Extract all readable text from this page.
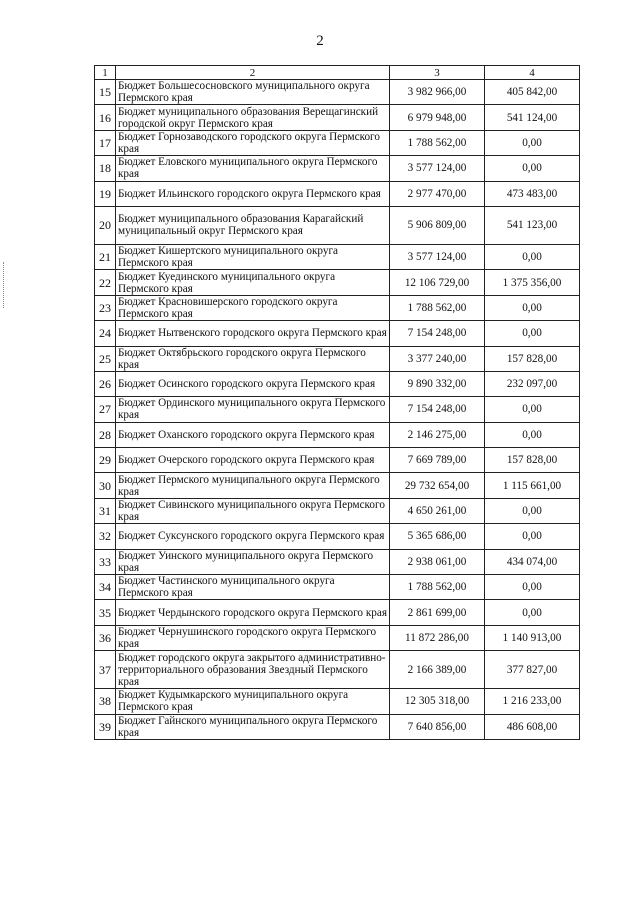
2
1	2	3	4
15	Бюджет Большесосновского муниципального округа Пермского края	3 982 966,00	405 842,00
16	Бюджет муниципального образования Верещагинский городской округ Пермского края	6 979 948,00	541 124,00
17	Бюджет Горнозаводского городского округа Пермского края	1 788 562,00	0,00
18	Бюджет Еловского муниципального округа Пермского края	3 577 124,00	0,00
19	Бюджет Ильинского городского округа Пермского края	2 977 470,00	473 483,00
20	Бюджет муниципального образования Карагайский муниципальный округ Пермского края	5 906 809,00	541 123,00
21	Бюджет Кишертского муниципального округа Пермского края	3 577 124,00	0,00
22	Бюджет Куединского муниципального округа Пермского края	12 106 729,00	1 375 356,00
23	Бюджет Красновишерского городского округа Пермского края	1 788 562,00	0,00
24	Бюджет Нытвенского городского округа Пермского края	7 154 248,00	0,00
25	Бюджет Октябрьского городского округа Пермского края	3 377 240,00	157 828,00
26	Бюджет Осинского городского округа Пермского края	9 890 332,00	232 097,00
27	Бюджет Ординского муниципального округа Пермского края	7 154 248,00	0,00
28	Бюджет Оханского городского округа Пермского края	2 146 275,00	0,00
29	Бюджет Очерского городского округа Пермского края	7 669 789,00	157 828,00
30	Бюджет Пермского муниципального округа Пермского края	29 732 654,00	1 115 661,00
31	Бюджет Сивинского муниципального округа Пермского края	4 650 261,00	0,00
32	Бюджет Суксунского городского округа Пермского края	5 365 686,00	0,00
33	Бюджет Уинского муниципального округа Пермского края	2 938 061,00	434 074,00
34	Бюджет Частинского муниципального округа Пермского края	1 788 562,00	0,00
35	Бюджет Чердынского городского округа Пермского края	2 861 699,00	0,00
36	Бюджет Чернушинского городского округа Пермского края	11 872 286,00	1 140 913,00
37	Бюджет городского округа закрытого административно-территориального образования Звездный Пермского края	2 166 389,00	377 827,00
38	Бюджет Кудымкарского муниципального округа Пермского края	12 305 318,00	1 216 233,00
39	Бюджет Гайнского муниципального округа Пермского края	7 640 856,00	486 608,00
